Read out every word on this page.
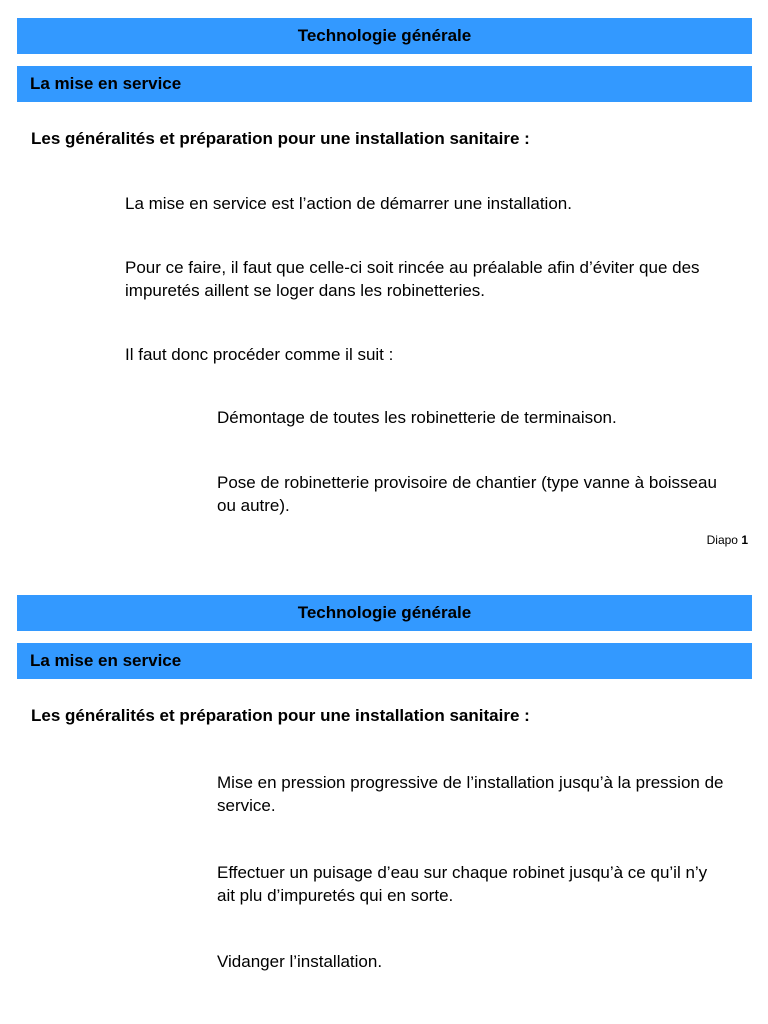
Technologie générale
La mise en service
Les généralités et préparation pour une installation sanitaire :
La mise en service est l’action de démarrer une installation.
Pour ce faire, il faut que celle-ci soit rincée au préalable afin d’éviter que des impuretés aillent se loger dans les robinetteries.
Il faut donc procéder comme il suit :
Démontage de toutes les robinetterie de terminaison.
Pose de robinetterie provisoire de chantier (type vanne à boisseau ou autre).
Diapo 1
Technologie générale
La mise en service
Les généralités et préparation pour une installation sanitaire :
Mise en pression progressive de l’installation jusqu’à la pression de service.
Effectuer un puisage d’eau sur chaque robinet jusqu’à ce qu’il n’y ait plu d’impuretés qui en sorte.
Vidanger l’installation.
